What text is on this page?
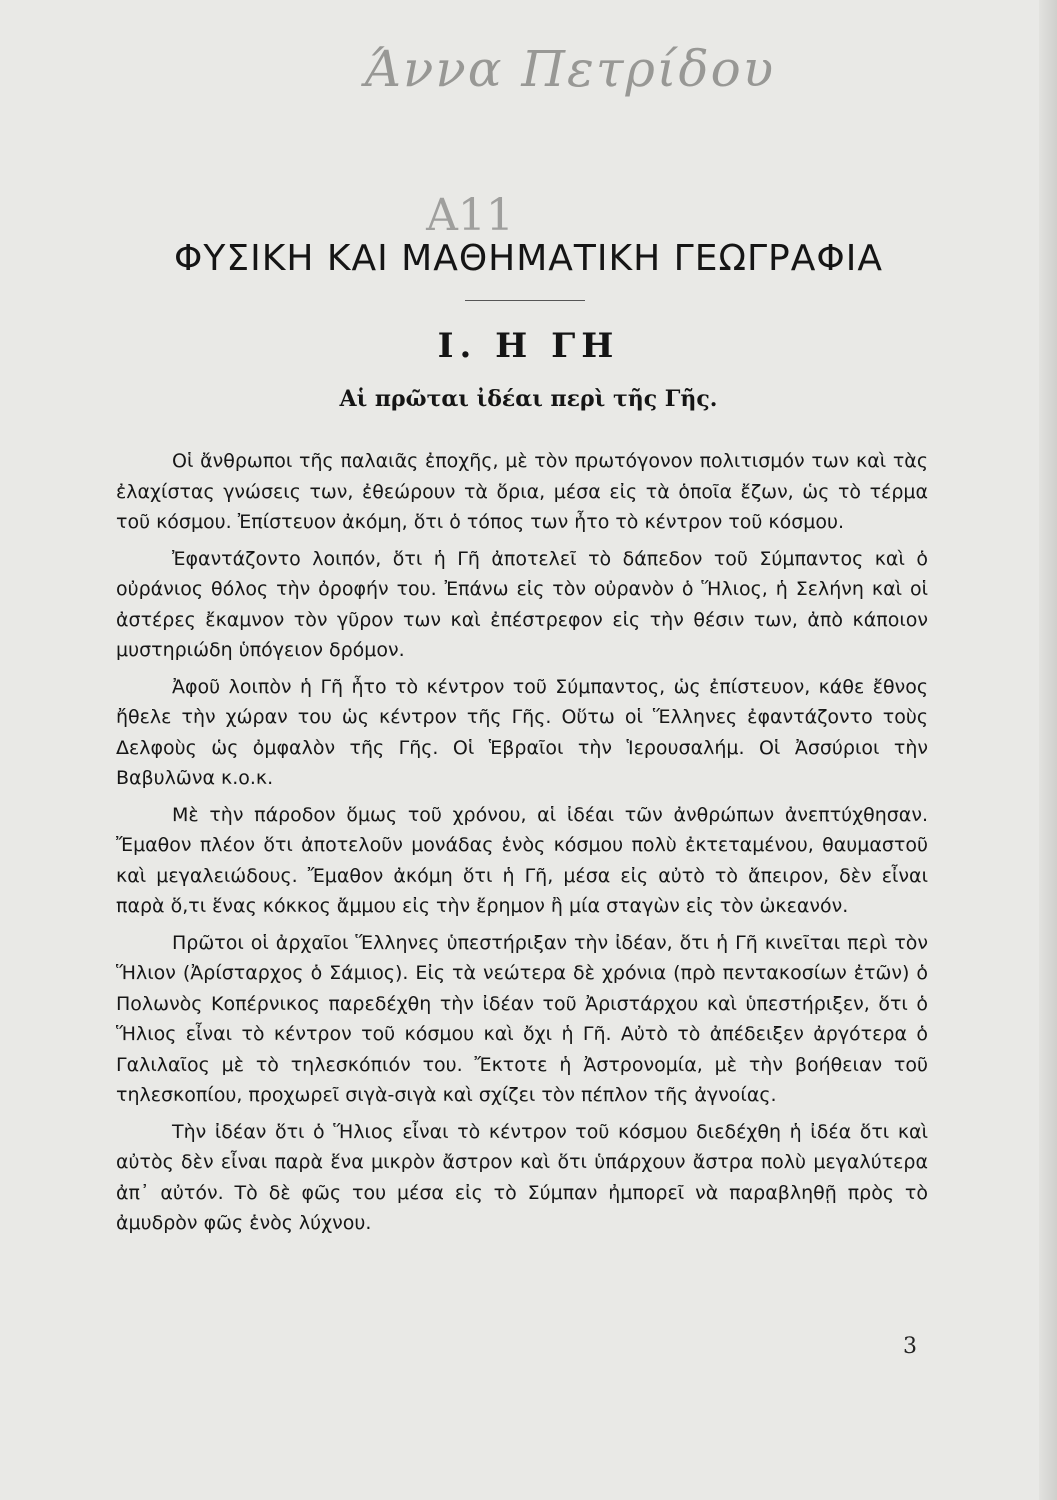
Άννα Πετρίδου
Α11
ΦΥΣΙΚΗ ΚΑΙ ΜΑΘΗΜΑΤΙΚΗ ΓΕΩΓΡΑΦΙΑ
Ι. Η ΓΗ
Αἱ πρῶται ἰδέαι περὶ τῆς Γῆς.

Οἱ ἄνθρωποι τῆς παλαιᾶς ἐποχῆς, μὲ τὸν πρωτόγονον πολιτισμόν των καὶ τὰς ἐλαχίστας γνώσεις των, ἐθεώρουν τὰ ὅρια, μέσα εἰς τὰ ὁποῖα ἔζων, ὡς τὸ τέρμα τοῦ κόσμου. Ἐπίστευον ἀκόμη, ὅτι ὁ τόπος των ἦτο τὸ κέντρον τοῦ κόσμου.

Ἐφαντάζοντο λοιπόν, ὅτι ἡ Γῆ ἀποτελεῖ τὸ δάπεδον τοῦ Σύμπαντος καὶ ὁ οὐράνιος θόλος τὴν ὀροφήν του. Ἐπάνω εἰς τὸν οὐρανὸν ὁ Ἥλιος, ἡ Σελήνη καὶ οἱ ἀστέρες ἔκαμνον τὸν γῦρον των καὶ ἐπέστρεφον εἰς τὴν θέσιν των, ἀπὸ κάποιον μυστηριώδη ὑπόγειον δρόμον.

Ἀφοῦ λοιπὸν ἡ Γῆ ἦτο τὸ κέντρον τοῦ Σύμπαντος, ὡς ἐπίστευον, κάθε ἔθνος ἤθελε τὴν χώραν του ὡς κέντρον τῆς Γῆς. Οὕτω οἱ Ἕλληνες ἐφαντάζοντο τοὺς Δελφοὺς ὡς ὀμφαλὸν τῆς Γῆς. Οἱ Ἑβραῖοι τὴν Ἱερουσαλήμ. Οἱ Ἀσσύριοι τὴν Βαβυλῶνα κ.ο.κ.

Μὲ τὴν πάροδον ὅμως τοῦ χρόνου, αἱ ἰδέαι τῶν ἀνθρώπων ἀνεπτύχθησαν. Ἔμαθον πλέον ὅτι ἀποτελοῦν μονάδας ἑνὸς κόσμου πολὺ ἐκτεταμένου, θαυμαστοῦ καὶ μεγαλειώδους. Ἔμαθον ἀκόμη ὅτι ἡ Γῆ, μέσα εἰς αὐτὸ τὸ ἄπειρον, δὲν εἶναι παρὰ ὅ,τι ἕνας κόκκος ἄμμου εἰς τὴν ἔρημον ἢ μία σταγὼν εἰς τὸν ὠκεανόν.

Πρῶτοι οἱ ἀρχαῖοι Ἕλληνες ὑπεστήριξαν τὴν ἰδέαν, ὅτι ἡ Γῆ κινεῖται περὶ τὸν Ἥλιον (Ἀρίσταρχος ὁ Σάμιος). Εἰς τὰ νεώτερα δὲ χρόνια (πρὸ πεντακοσίων ἐτῶν) ὁ Πολωνὸς Κοπέρνικος παρεδέχθη τὴν ἰδέαν τοῦ Ἀριστάρχου καὶ ὑπεστήριξεν, ὅτι ὁ Ἥλιος εἶναι τὸ κέντρον τοῦ κόσμου καὶ ὄχι ἡ Γῆ. Αὐτὸ τὸ ἀπέδειξεν ἀργότερα ὁ Γαλιλαῖος μὲ τὸ τηλεσκόπιόν του. Ἔκτοτε ἡ Ἀστρονομία, μὲ τὴν βοήθειαν τοῦ τηλεσκοπίου, προχωρεῖ σιγὰ-σιγὰ καὶ σχίζει τὸν πέπλον τῆς ἀγνοίας.

Τὴν ἰδέαν ὅτι ὁ Ἥλιος εἶναι τὸ κέντρον τοῦ κόσμου διεδέχθη ἡ ἰδέα ὅτι καὶ αὐτὸς δὲν εἶναι παρὰ ἕνα μικρὸν ἄστρον καὶ ὅτι ὑπάρχουν ἄστρα πολὺ μεγαλύτερα ἀπ᾿ αὐτόν. Τὸ δὲ φῶς του μέσα εἰς τὸ Σύμπαν ἠμπορεῖ νὰ παραβληθῇ πρὸς τὸ ἀμυδρὸν φῶς ἑνὸς λύχνου.

3
